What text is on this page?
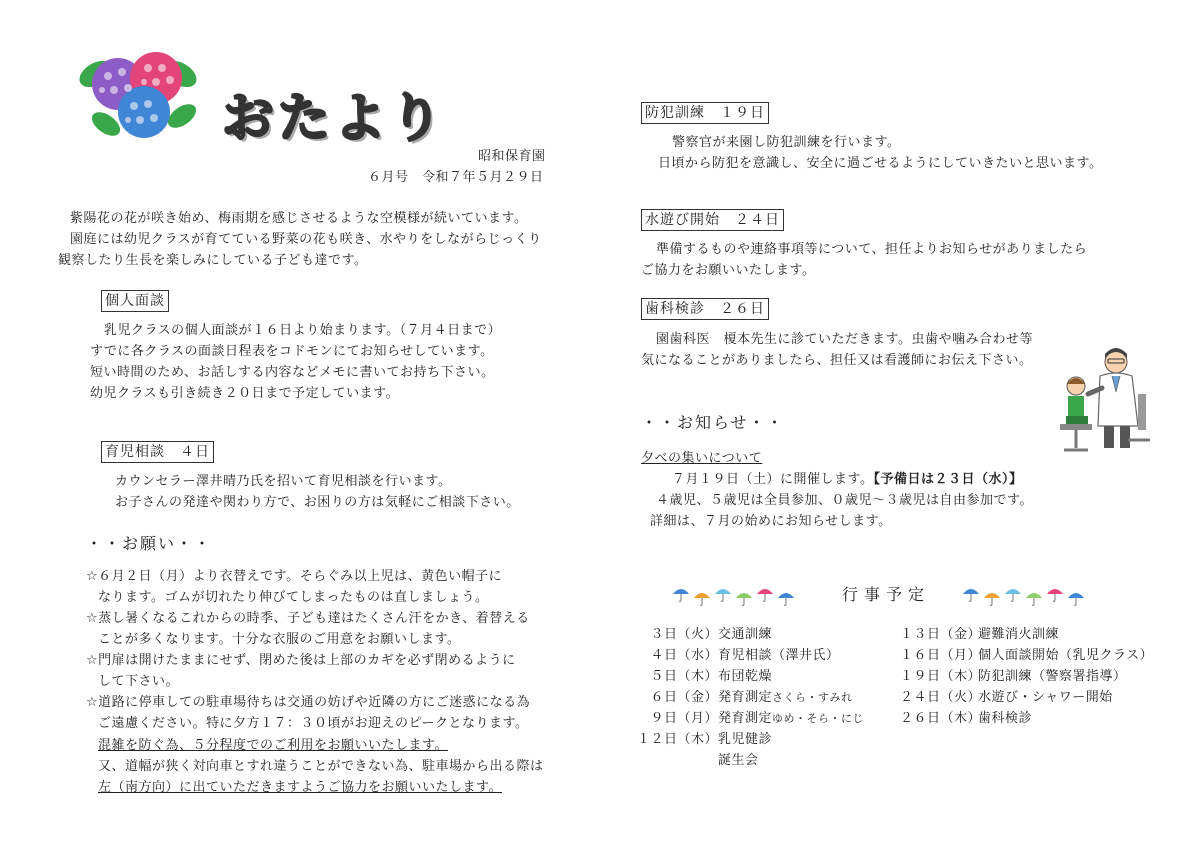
おたより
昭和保育園
６月号　令和７年５月２９日
紫陽花の花が咲き始め、梅雨期を感じさせるような空模様が続いています。
園庭には幼児クラスが育てている野菜の花も咲き、水やりをしながらじっくり
観察したり生長を楽しみにしている子ども達です。
個人面談
乳児クラスの個人面談が１６日より始まります。（７月４日まで）
すでに各クラスの面談日程表をコドモンにてお知らせしています。
短い時間のため、お話しする内容などメモに書いてお持ち下さい。
幼児クラスも引き続き２０日まで予定しています。
育児相談　４日
カウンセラー澤井晴乃氏を招いて育児相談を行います。
お子さんの発達や関わり方で、お困りの方は気軽にご相談下さい。
・・お願い・・
☆６月２日（月）より衣替えです。そらぐみ以上児は、黄色い帽子に
なります。ゴムが切れたり伸びてしまったものは直しましょう。
☆蒸し暑くなるこれからの時季、子ども達はたくさん汗をかき、着替える
ことが多くなります。十分な衣服のご用意をお願いします。
☆門扉は開けたままにせず、閉めた後は上部のカギを必ず閉めるように
して下さい。
☆道路に停車しての駐車場待ちは交通の妨げや近隣の方にご迷惑になる為
ご遠慮ください。特に夕方１７：３０頃がお迎えのピークとなります。
混雑を防ぐ為、５分程度でのご利用をお願いいたします。
又、道幅が狭く対向車とすれ違うことができない為、駐車場から出る際は
左（南方向）に出ていただきますようご協力をお願いいたします。
防犯訓練　１９日
警察官が来園し防犯訓練を行います。
日頃から防犯を意識し、安全に過ごせるようにしていきたいと思います。
水遊び開始　２４日
準備するものや連絡事項等について、担任よりお知らせがありましたら
ご協力をお願いいたします。
歯科検診　２６日
園歯科医　榎本先生に診ていただきます。虫歯や噛み合わせ等
気になることがありましたら、担任又は看護師にお伝え下さい。
・・お知らせ・・
夕べの集いについて
７月１９日（土）に開催します。【予備日は２３日（水）】
４歳児、５歳児は全員参加、０歳児～３歳児は自由参加です。
詳細は、７月の始めにお知らせします。
行事予定
３日（火）交通訓練
４日（水）育児相談（澤井氏）
５日（木）布団乾燥
６日（金）発育測定さくら・すみれ
９日（月）発育測定ゆめ・そら・にじ
１２日（木）乳児健診
誕生会
１３日（金）避難消火訓練
１６日（月）個人面談開始（乳児クラス）
１９日（木）防犯訓練（警察署指導）
２４日（火）水遊び・シャワー開始
２６日（木）歯科検診
